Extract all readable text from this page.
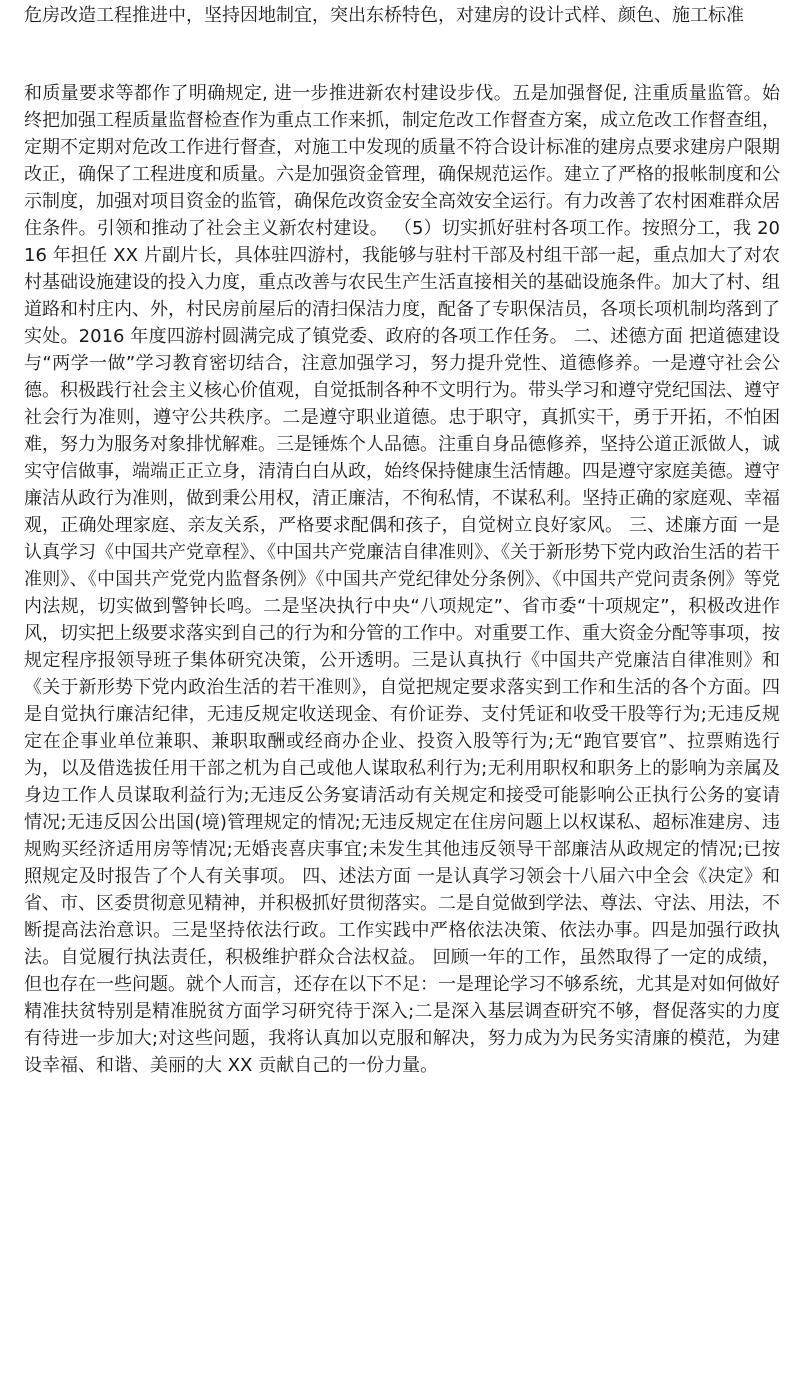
危房改造工程推进中，坚持因地制宜，突出东桥特色，对建房的设计式样、颜色、施工标准

和质量要求等都作了明确规定, 进一步推进新农村建设步伐。五是加强督促, 注重质量监管。始终把加强工程质量监督检查作为重点工作来抓，制定危改工作督查方案，成立危改工作督查组，定期不定期对危改工作进行督查，对施工中发现的质量不符合设计标准的建房点要求建房户限期改正，确保了工程进度和质量。六是加强资金管理，确保规范运作。建立了严格的报帐制度和公示制度，加强对项目资金的监管，确保危改资金安全高效安全运行。有力改善了农村困难群众居住条件。引领和推动了社会主义新农村建设。 （5）切实抓好驻村各项工作。按照分工，我 2016 年担任 XX 片副片长，具体驻四游村，我能够与驻村干部及村组干部一起，重点加大了对农村基础设施建设的投入力度，重点改善与农民生产生活直接相关的基础设施条件。加大了村、组道路和村庄内、外，村民房前屋后的清扫保洁力度，配备了专职保洁员，各项长项机制均落到了实处。2016 年度四游村圆满完成了镇党委、政府的各项工作任务。 二、述德方面 把道德建设与“两学一做”学习教育密切结合，注意加强学习，努力提升党性、道德修养。一是遵守社会公德。积极践行社会主义核心价值观，自觉抵制各种不文明行为。带头学习和遵守党纪国法、遵守社会行为准则，遵守公共秩序。二是遵守职业道德。忠于职守，真抓实干，勇于开拓，不怕困难，努力为服务对象排忧解难。三是锤炼个人品德。注重自身品德修养，坚持公道正派做人，诚实守信做事，端端正正立身，清清白白从政，始终保持健康生活情趣。四是遵守家庭美德。遵守廉洁从政行为准则，做到秉公用权，清正廉洁，不徇私情，不谋私利。坚持正确的家庭观、幸福观，正确处理家庭、亲友关系，严格要求配偶和孩子，自觉树立良好家风。 三、述廉方面 一是认真学习《中国共产党章程》、《中国共产党廉洁自律准则》、《关于新形势下党内政治生活的若干准则》、《中国共产党党内监督条例》《中国共产党纪律处分条例》、《中国共产党问责条例》等党内法规，切实做到警钟长鸣。二是坚决执行中央“八项规定”、省市委“十项规定”，积极改进作风，切实把上级要求落实到自己的行为和分管的工作中。对重要工作、重大资金分配等事项，按规定程序报领导班子集体研究决策，公开透明。三是认真执行《中国共产党廉洁自律准则》和《关于新形势下党内政治生活的若干准则》，自觉把规定要求落实到工作和生活的各个方面。四是自觉执行廉洁纪律，无违反规定收送现金、有价证券、支付凭证和收受干股等行为;无违反规定在企事业单位兼职、兼职取酬或经商办企业、投资入股等行为;无“跑官要官”、拉票贿选行为，以及借选拔任用干部之机为自己或他人谋取私利行为;无利用职权和职务上的影响为亲属及身边工作人员谋取利益行为;无违反公务宴请活动有关规定和接受可能影响公正执行公务的宴请情况;无违反因公出国(境)管理规定的情况;无违反规定在住房问题上以权谋私、超标准建房、违规购买经济适用房等情况;无婚丧喜庆事宜;未发生其他违反领导干部廉洁从政规定的情况;已按照规定及时报告了个人有关事项。 四、述法方面 一是认真学习领会十八届六中全会《决定》和省、市、区委贯彻意见精神，并积极抓好贯彻落实。二是自觉做到学法、尊法、守法、用法，不断提高法治意识。三是坚持依法行政。工作实践中严格依法决策、依法办事。四是加强行政执法。自觉履行执法责任，积极维护群众合法权益。 回顾一年的工作，虽然取得了一定的成绩，但也存在一些问题。就个人而言，还存在以下不足：一是理论学习不够系统，尤其是对如何做好精准扶贫特别是精准脱贫方面学习研究待于深入;二是深入基层调查研究不够，督促落实的力度有待进一步加大;对这些问题，我将认真加以克服和解决，努力成为为民务实清廉的模范，为建设幸福、和谐、美丽的大 XX 贡献自己的一份力量。
